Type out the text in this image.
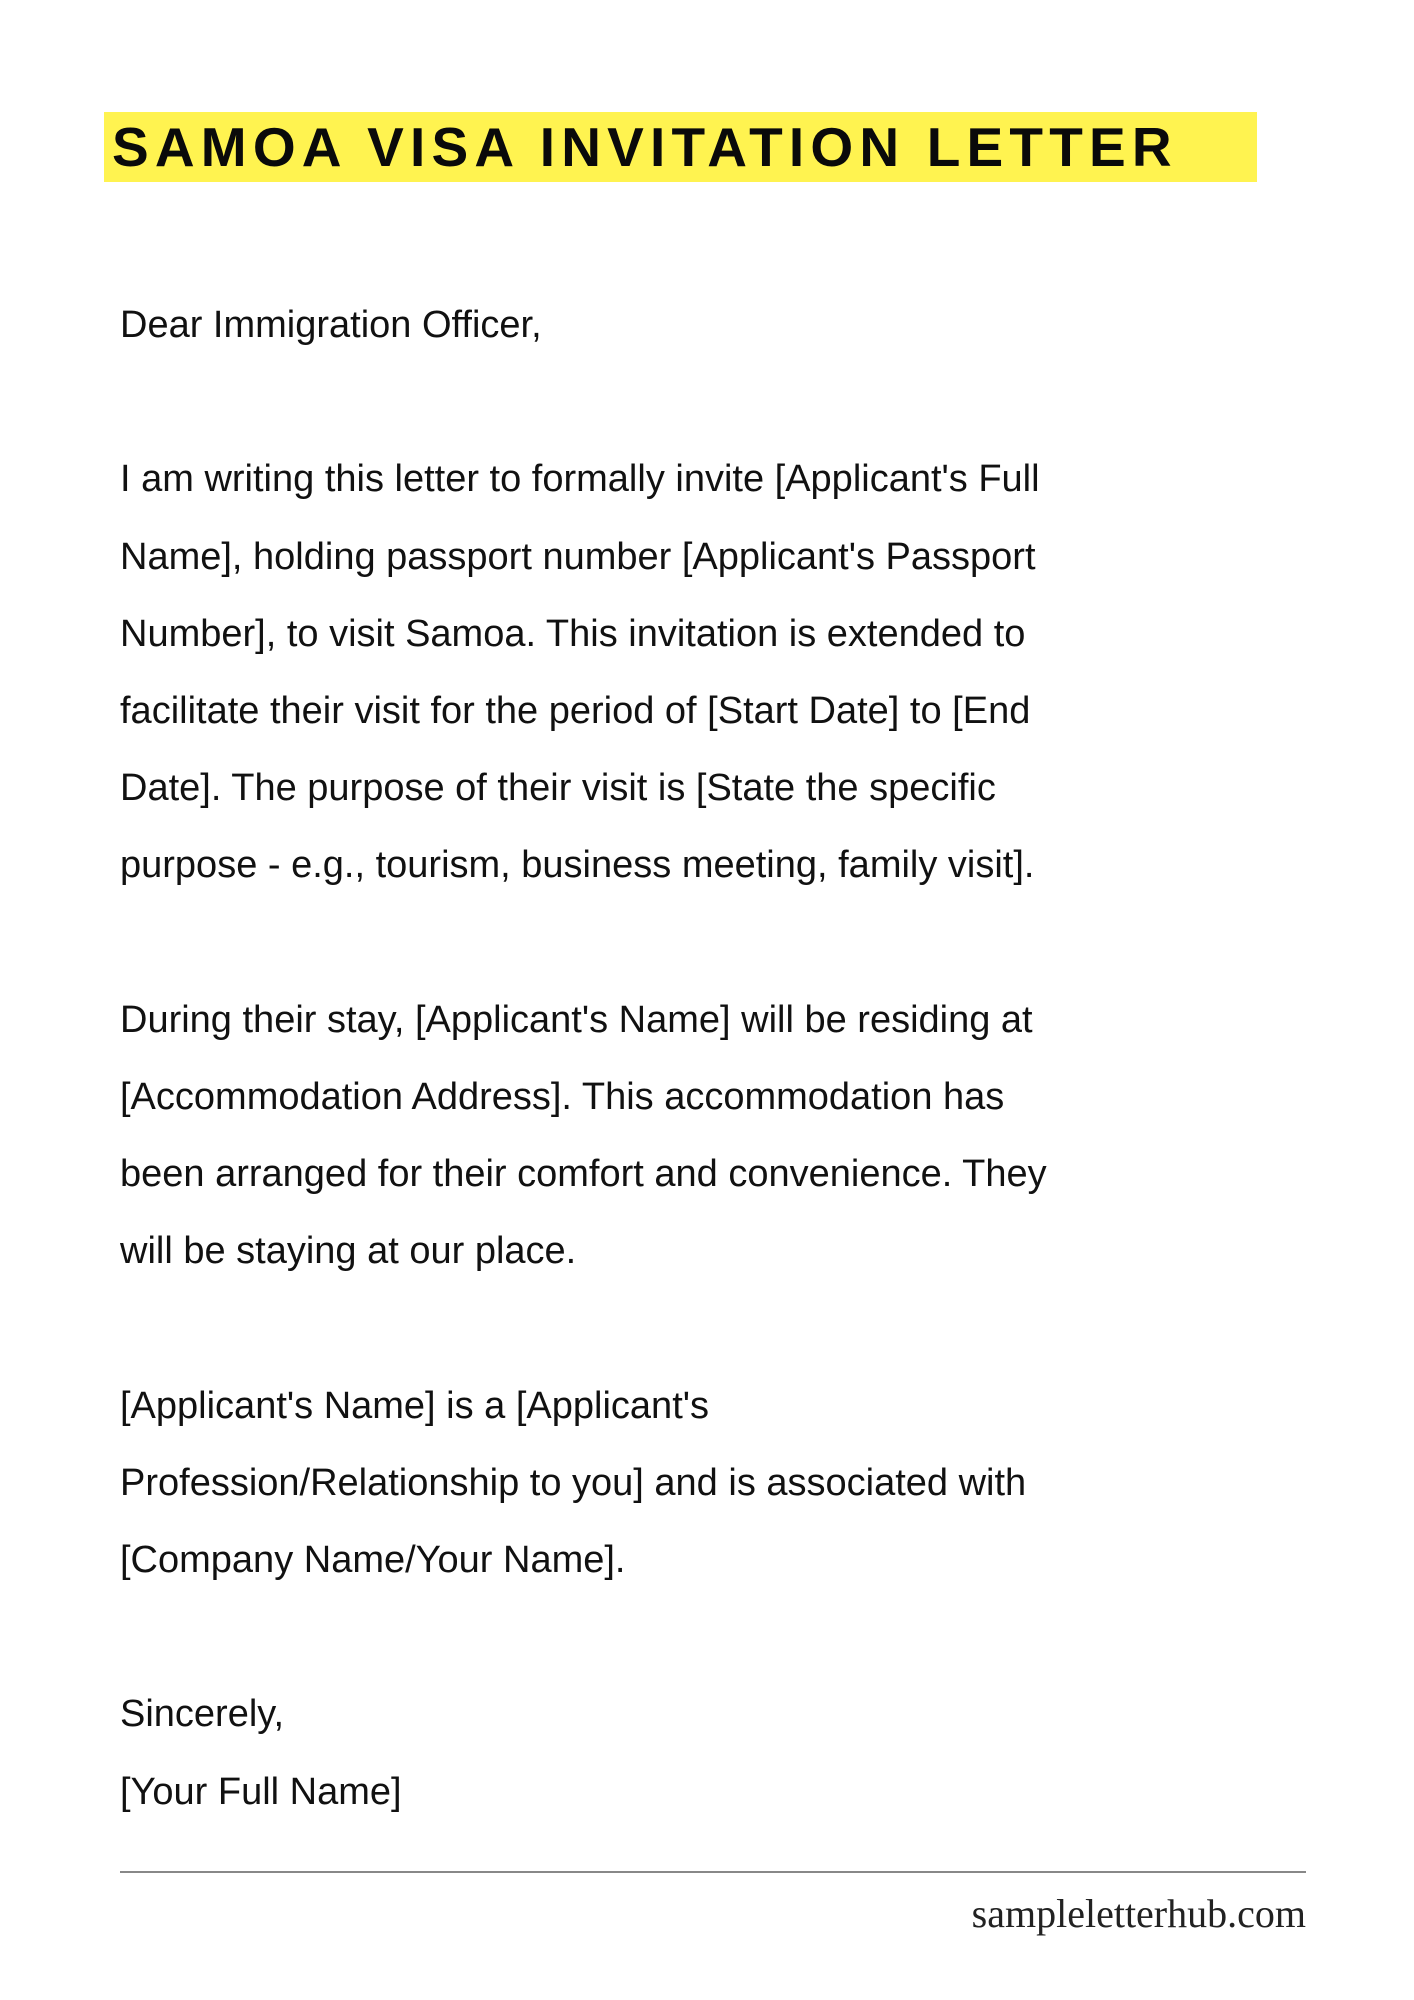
SAMOA VISA INVITATION LETTER
Dear Immigration Officer,
I am writing this letter to formally invite [Applicant's Full
Name], holding passport number [Applicant's Passport
Number], to visit Samoa. This invitation is extended to
facilitate their visit for the period of [Start Date] to [End
Date]. The purpose of their visit is [State the specific
purpose - e.g., tourism, business meeting, family visit].
During their stay, [Applicant's Name] will be residing at
[Accommodation Address]. This accommodation has
been arranged for their comfort and convenience. They
will be staying at our place.
[Applicant's Name] is a [Applicant's
Profession/Relationship to you] and is associated with
[Company Name/Your Name].
Sincerely,
[Your Full Name]
sampleletterhub.com
